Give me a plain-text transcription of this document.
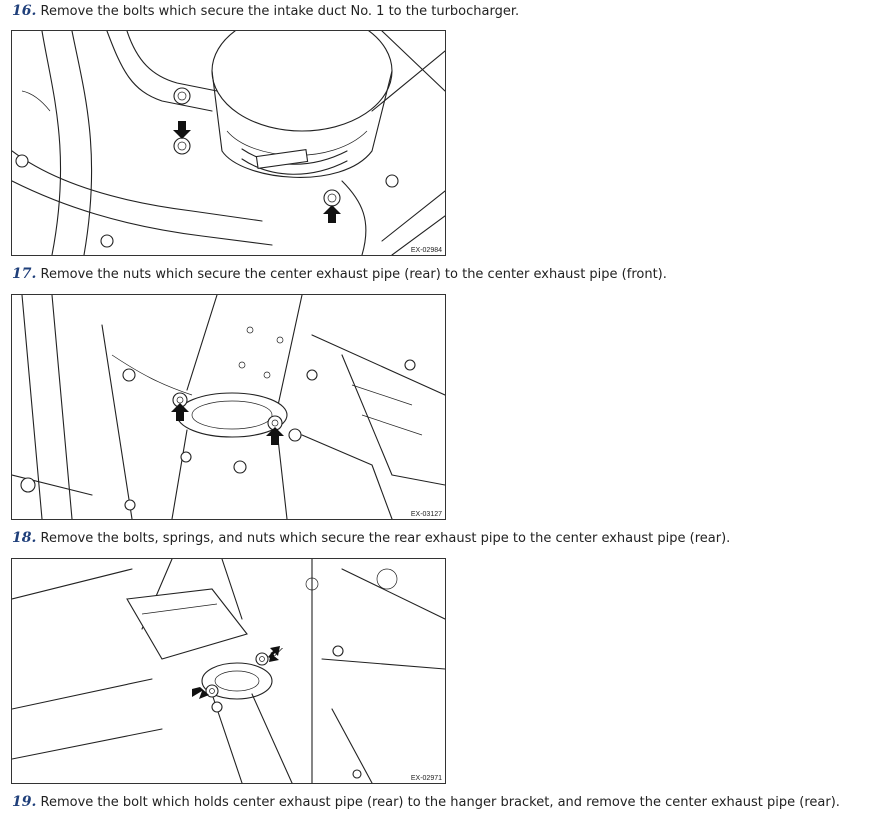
16. Remove the bolts which secure the intake duct No. 1 to the turbocharger.

EX-02984

17. Remove the nuts which secure the center exhaust pipe (rear) to the center exhaust pipe (front).

EX-03127

18. Remove the bolts, springs, and nuts which secure the rear exhaust pipe to the center exhaust pipe (rear).

EX-02971

19. Remove the bolt which holds center exhaust pipe (rear) to the hanger bracket, and remove the center exhaust pipe (rear).
